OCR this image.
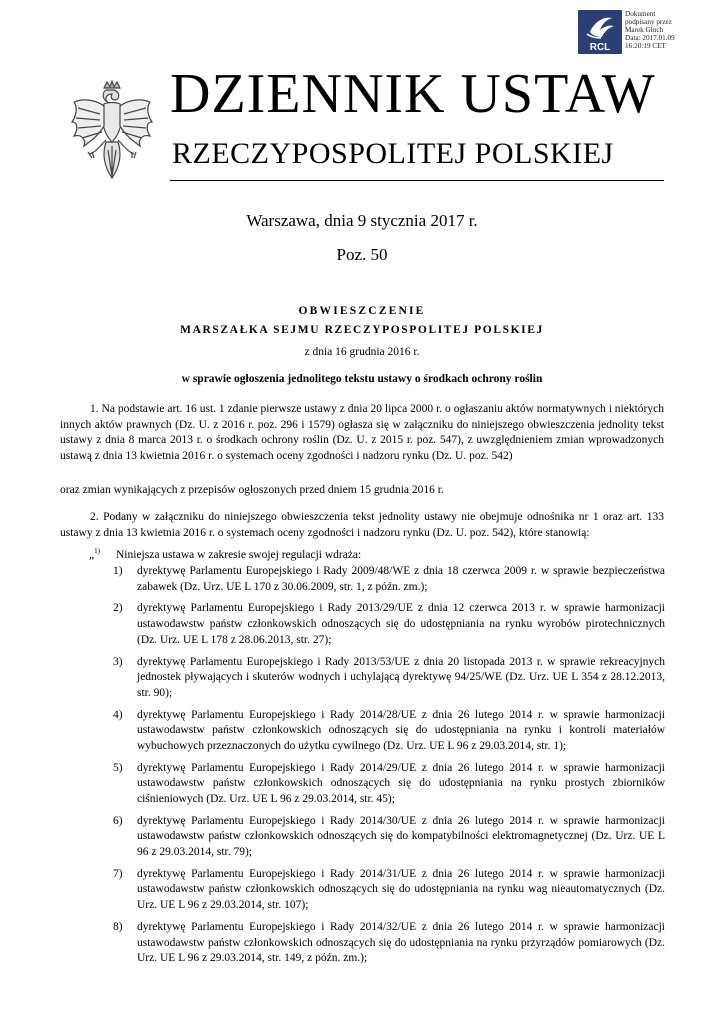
RCL
Dokument
podpisany przez
Marek Głuch
Data: 2017.01.09
16:20:19 CET
DZIENNIK USTAW
RZECZYPOSPOLITEJ POLSKIEJ
Warszawa, dnia 9 stycznia 2017 r.
Poz. 50
OBWIESZCZENIE
MARSZAŁKA SEJMU RZECZYPOSPOLITEJ POLSKIEJ
z dnia 16 grudnia 2016 r.
w sprawie ogłoszenia jednolitego tekstu ustawy o środkach ochrony roślin
1. Na podstawie art. 16 ust. 1 zdanie pierwsze ustawy z dnia 20 lipca 2000 r. o ogłaszaniu aktów normatywnych i niektórych innych aktów prawnych (Dz. U. z 2016 r. poz. 296 i 1579) ogłasza się w załączniku do niniejszego obwieszczenia jednolity tekst ustawy z dnia 8 marca 2013 r. o środkach ochrony roślin (Dz. U. z 2015 r. poz. 547), z uwzględnieniem zmian wprowadzonych ustawą z dnia 13 kwietnia 2016 r. o systemach oceny zgodności i nadzoru rynku (Dz. U. poz. 542)
oraz zmian wynikających z przepisów ogłoszonych przed dniem 15 grudnia 2016 r.
2. Podany w załączniku do niniejszego obwieszczenia tekst jednolity ustawy nie obejmuje odnośnika nr 1 oraz art. 133 ustawy z dnia 13 kwietnia 2016 r. o systemach oceny zgodności i nadzoru rynku (Dz. U. poz. 542), które stanowią:
„$^{1)}$ Niniejsza ustawa w zakresie swojej regulacji wdraża:
1)	dyrektywę Parlamentu Europejskiego i Rady 2009/48/WE z dnia 18 czerwca 2009 r. w sprawie bezpieczeństwa zabawek (Dz. Urz. UE L 170 z 30.06.2009, str. 1, z późn. zm.);
2)	dyrektywę Parlamentu Europejskiego i Rady 2013/29/UE z dnia 12 czerwca 2013 r. w sprawie harmonizacji ustawodawstw państw członkowskich odnoszących się do udostępniania na rynku wyrobów pirotechnicznych (Dz. Urz. UE L 178 z 28.06.2013, str. 27);
3)	dyrektywę Parlamentu Europejskiego i Rady 2013/53/UE z dnia 20 listopada 2013 r. w sprawie rekreacyjnych jednostek pływających i skuterów wodnych i uchylającą dyrektywę 94/25/WE (Dz. Urz. UE L 354 z 28.12.2013, str. 90);
4)	dyrektywę Parlamentu Europejskiego i Rady 2014/28/UE z dnia 26 lutego 2014 r. w sprawie harmonizacji ustawodawstw państw członkowskich odnoszących się do udostępniania na rynku i kontroli materiałów wybuchowych przeznaczonych do użytku cywilnego (Dz. Urz. UE L 96 z 29.03.2014, str. 1);
5)	dyrektywę Parlamentu Europejskiego i Rady 2014/29/UE z dnia 26 lutego 2014 r. w sprawie harmonizacji ustawodawstw państw członkowskich odnoszących się do udostępniania na rynku prostych zbiorników ciśnieniowych (Dz. Urz. UE L 96 z 29.03.2014, str. 45);
6)	dyrektywę Parlamentu Europejskiego i Rady 2014/30/UE z dnia 26 lutego 2014 r. w sprawie harmonizacji ustawodawstw państw członkowskich odnoszących się do kompatybilności elektromagnetycznej (Dz. Urz. UE L 96 z 29.03.2014, str. 79);
7)	dyrektywę Parlamentu Europejskiego i Rady 2014/31/UE z dnia 26 lutego 2014 r. w sprawie harmonizacji ustawodawstw państw członkowskich odnoszących się do udostępniania na rynku wag nieautomatycznych (Dz. Urz. UE L 96 z 29.03.2014, str. 107);
8)	dyrektywę Parlamentu Europejskiego i Rady 2014/32/UE z dnia 26 lutego 2014 r. w sprawie harmonizacji ustawodawstw państw członkowskich odnoszących się do udostępniania na rynku przyrządów pomiarowych (Dz. Urz. UE L 96 z 29.03.2014, str. 149, z późn. zm.);
